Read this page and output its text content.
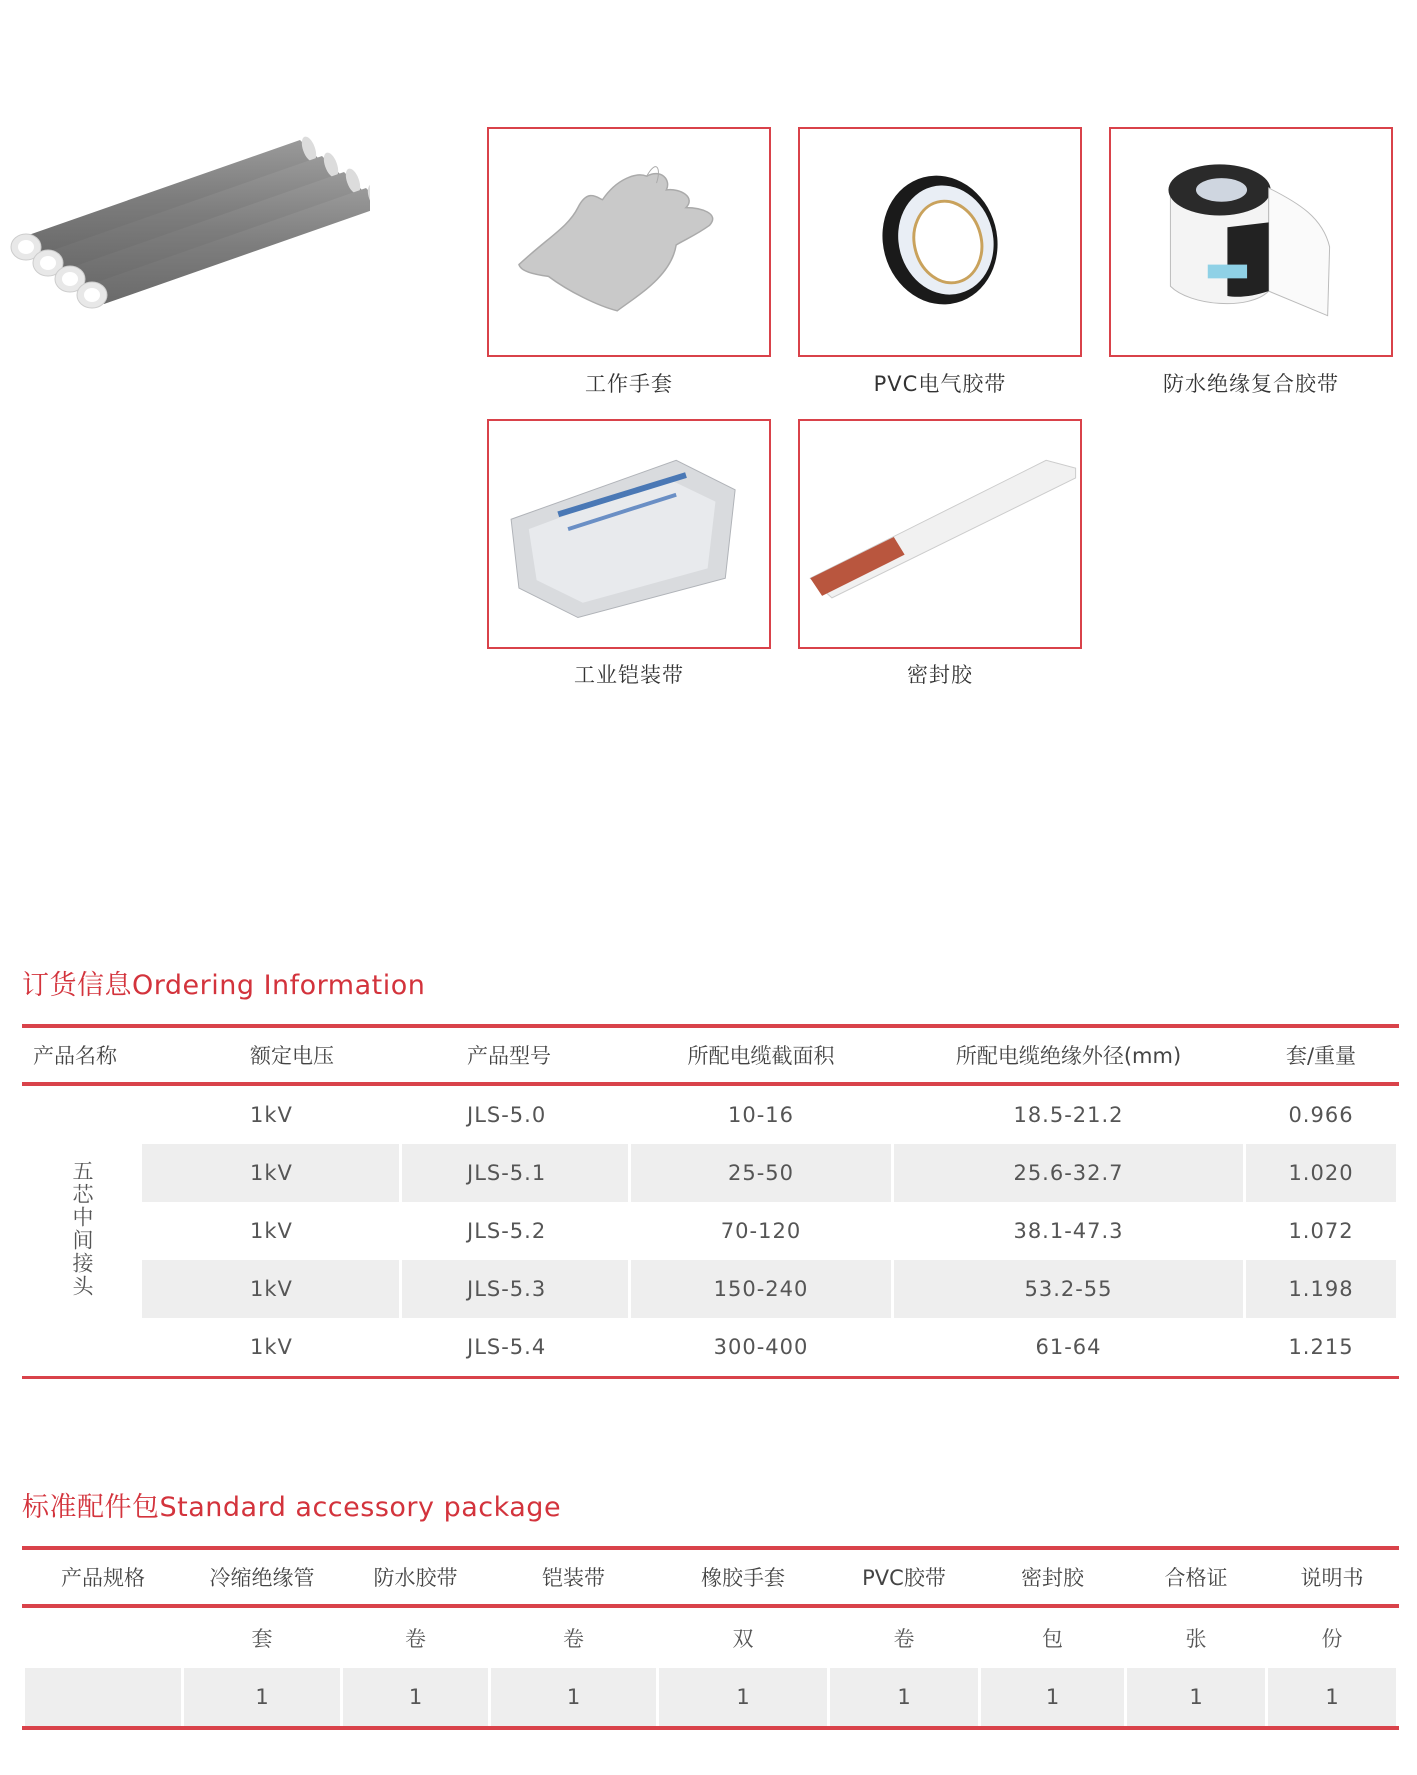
工作手套	PVC电气胶带	防水绝缘复合胶带
工业铠装带	密封胶
订货信息Ordering Information
产品名称	额定电压	产品型号	所配电缆截面积	所配电缆绝缘外径(mm)	套/重量
五芯中间接头	1kV	JLS-5.0	10-16	18.5-21.2	0.966
	1kV	JLS-5.1	25-50	25.6-32.7	1.020
	1kV	JLS-5.2	70-120	38.1-47.3	1.072
	1kV	JLS-5.3	150-240	53.2-55	1.198
	1kV	JLS-5.4	300-400	61-64	1.215
标准配件包Standard accessory package
产品规格	冷缩绝缘管	防水胶带	铠装带	橡胶手套	PVC胶带	密封胶	合格证	说明书
	套	卷	卷	双	卷	包	张	份
	1	1	1	1	1	1	1	1
